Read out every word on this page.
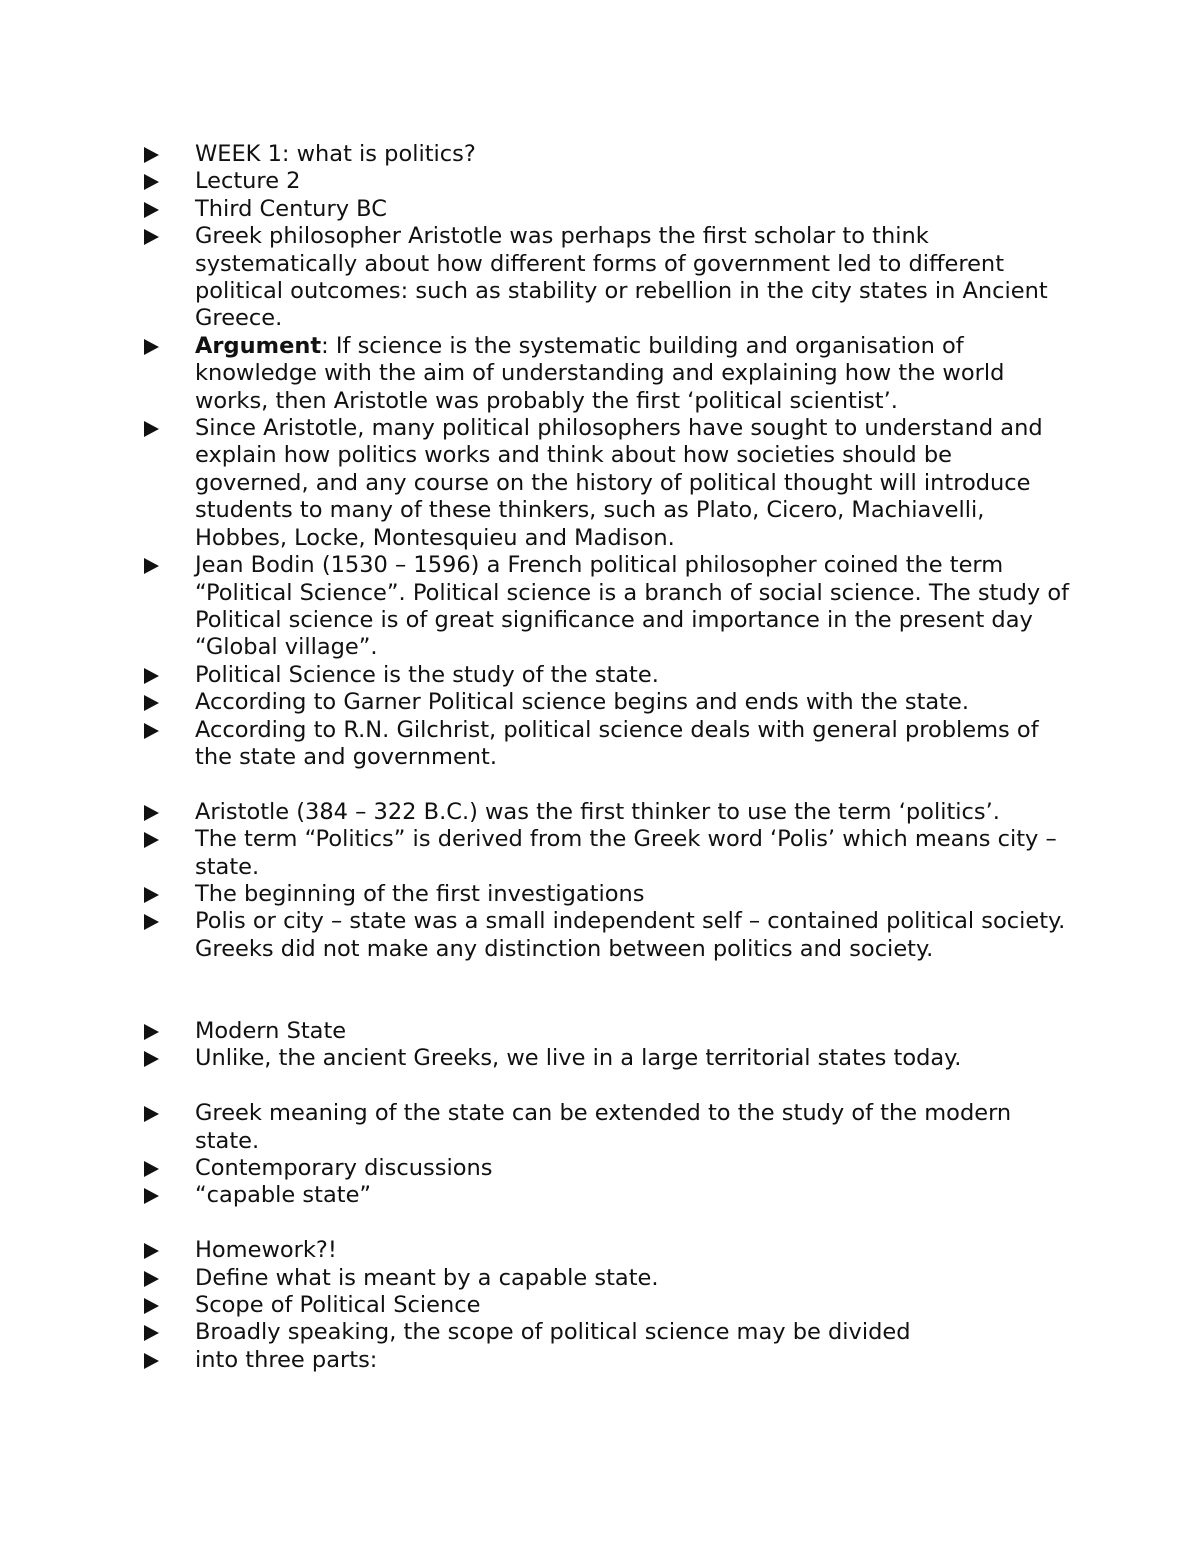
WEEK 1: what is politics?
Lecture 2
Third Century BC
Greek philosopher Aristotle was perhaps the first scholar to think systematically about how different forms of government led to different political outcomes: such as stability or rebellion in the city states in Ancient Greece.
Argument: If science is the systematic building and organisation of knowledge with the aim of understanding and explaining how the world works, then Aristotle was probably the first ‘political scientist’.
Since Aristotle, many political philosophers have sought to understand and explain how politics works and think about how societies should be governed, and any course on the history of political thought will introduce students to many of these thinkers, such as Plato, Cicero, Machiavelli, Hobbes, Locke, Montesquieu and Madison.
Jean Bodin (1530 – 1596) a French political philosopher coined the term “Political Science”. Political science is a branch of social science. The study of Political science is of great significance and importance in the present day “Global village”.
Political Science is the study of the state.
According to Garner Political science begins and ends with the state.
According to R.N. Gilchrist, political science deals with general problems of the state and government.
Aristotle (384 – 322 B.C.) was the first thinker to use the term ‘politics’.
The term “Politics” is derived from the Greek word ‘Polis’ which means city – state.
The beginning of the first investigations
Polis or city – state was a small independent self – contained political society. Greeks did not make any distinction between politics and society.
Modern State
Unlike, the ancient Greeks, we live in a large territorial states today.
Greek meaning of the state can be extended to the study of the modern state.
Contemporary discussions
“capable state”
Homework?!
Define what is meant by a capable state.
Scope of Political Science
Broadly speaking, the scope of political science may be divided
into three parts:
